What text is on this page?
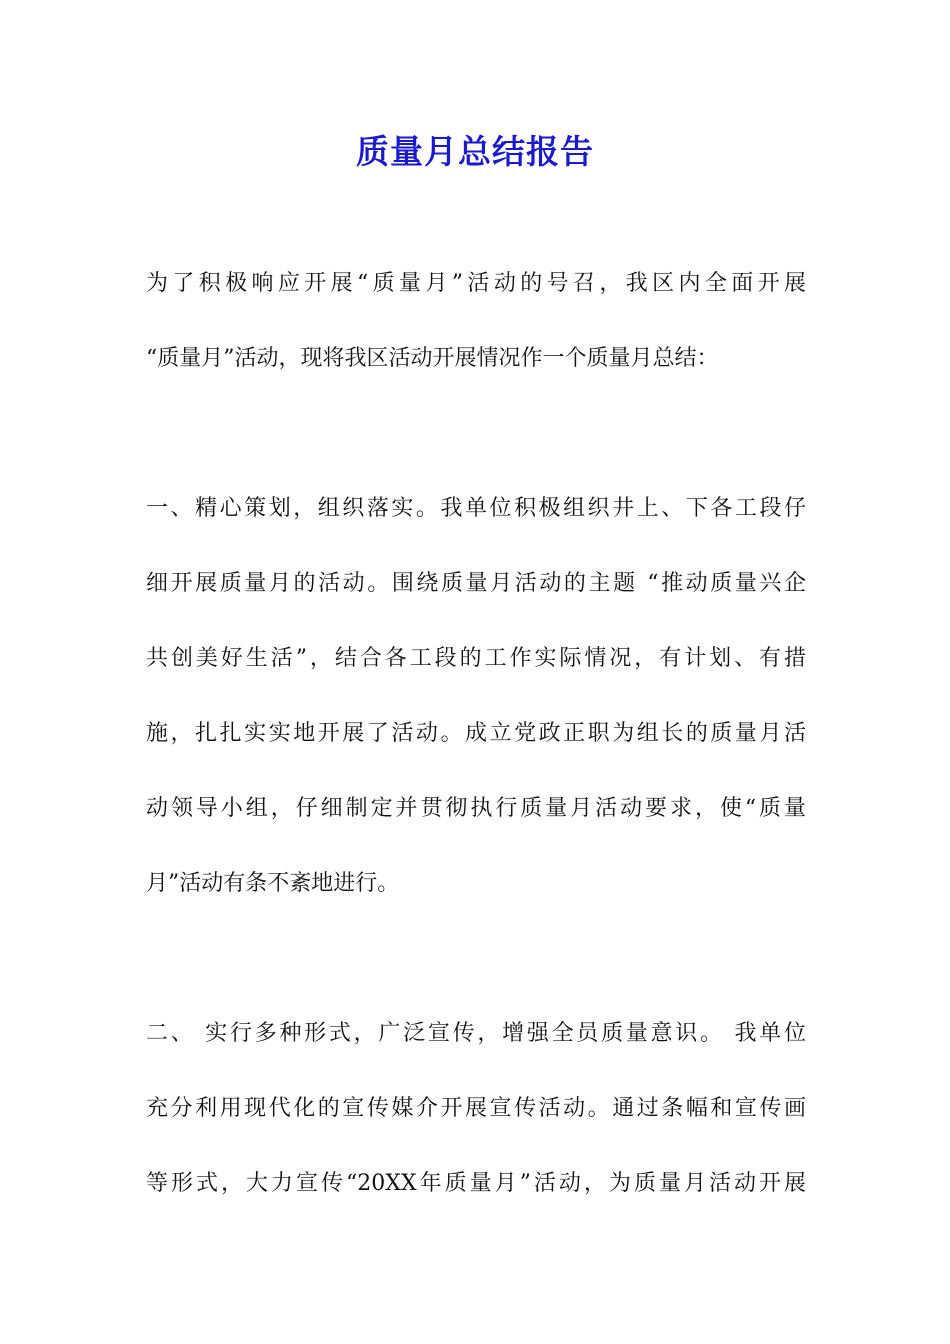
质量月总结报告
为了积极响应开展“质量月”活动的号召，我区内全面开展
“质量月”活动，现将我区活动开展情况作一个质量月总结：
一、精心策划，组织落实。我单位积极组织井上、下各工段仔
细开展质量月的活动。围绕质量月活动的主题 “推动质量兴企
共创美好生活”，结合各工段的工作实际情况，有计划、有措
施，扎扎实实地开展了活动。成立党政正职为组长的质量月活
动领导小组，仔细制定并贯彻执行质量月活动要求，使“质量
月”活动有条不紊地进行。
二、 实行多种形式，广泛宣传，增强全员质量意识。 我单位
充分利用现代化的宣传媒介开展宣传活动。通过条幅和宣传画
等形式，大力宣传“20XX年质量月”活动，为质量月活动开展
